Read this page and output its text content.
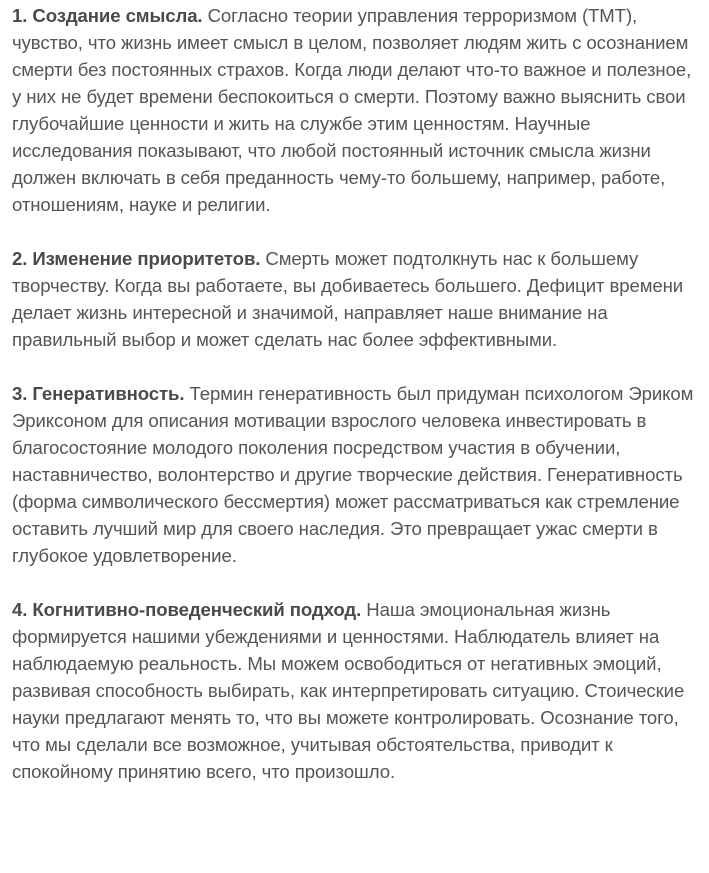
1. Создание смысла. Согласно теории управления терроризмом (TMT), чувство, что жизнь имеет смысл в целом, позволяет людям жить с осознанием смерти без постоянных страхов. Когда люди делают что-то важное и полезное, у них не будет времени беспокоиться о смерти. Поэтому важно выяснить свои глубочайшие ценности и жить на службе этим ценностям. Научные исследования показывают, что любой постоянный источник смысла жизни должен включать в себя преданность чему-то большему, например, работе, отношениям, науке и религии.

2. Изменение приоритетов. Смерть может подтолкнуть нас к большему творчеству. Когда вы работаете, вы добиваетесь большего. Дефицит времени делает жизнь интересной и значимой, направляет наше внимание на правильный выбор и может сделать нас более эффективными.

3. Генеративность. Термин генеративность был придуман психологом Эриком Эриксоном для описания мотивации взрослого человека инвестировать в благосостояние молодого поколения посредством участия в обучении, наставничество, волонтерство и другие творческие действия. Генеративность (форма символического бессмертия) может рассматриваться как стремление оставить лучший мир для своего наследия. Это превращает ужас смерти в глубокое удовлетворение.

4. Когнитивно-поведенческий подход. Наша эмоциональная жизнь формируется нашими убеждениями и ценностями. Наблюдатель влияет на наблюдаемую реальность. Мы можем освободиться от негативных эмоций, развивая способность выбирать, как интерпретировать ситуацию. Стоические науки предлагают менять то, что вы можете контролировать. Осознание того, что мы сделали все возможное, учитывая обстоятельства, приводит к спокойному принятию всего, что произошло.
